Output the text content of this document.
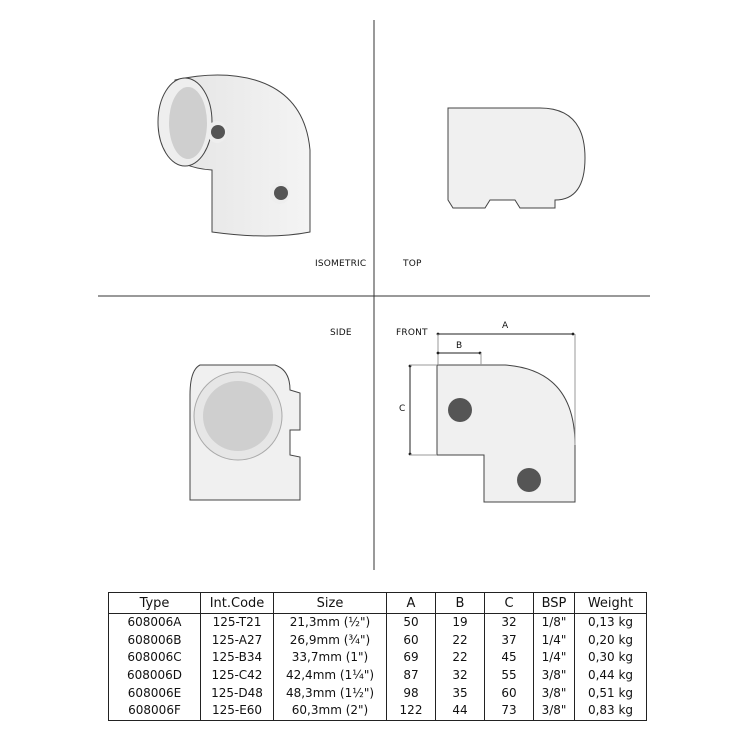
ISOMETRIC	TOP
SIDE	FRONT
A
B
C
Type	Int.Code	Size	A	B	C	BSP	Weight
608006A	125-T21	21,3mm (½")	50	19	32	1/8"	0,13 kg
608006B	125-A27	26,9mm (¾")	60	22	37	1/4"	0,20 kg
608006C	125-B34	33,7mm (1")	69	22	45	1/4"	0,30 kg
608006D	125-C42	42,4mm (1¼")	87	32	55	3/8"	0,44 kg
608006E	125-D48	48,3mm (1½")	98	35	60	3/8"	0,51 kg
608006F	125-E60	60,3mm (2")	122	44	73	3/8"	0,83 kg
